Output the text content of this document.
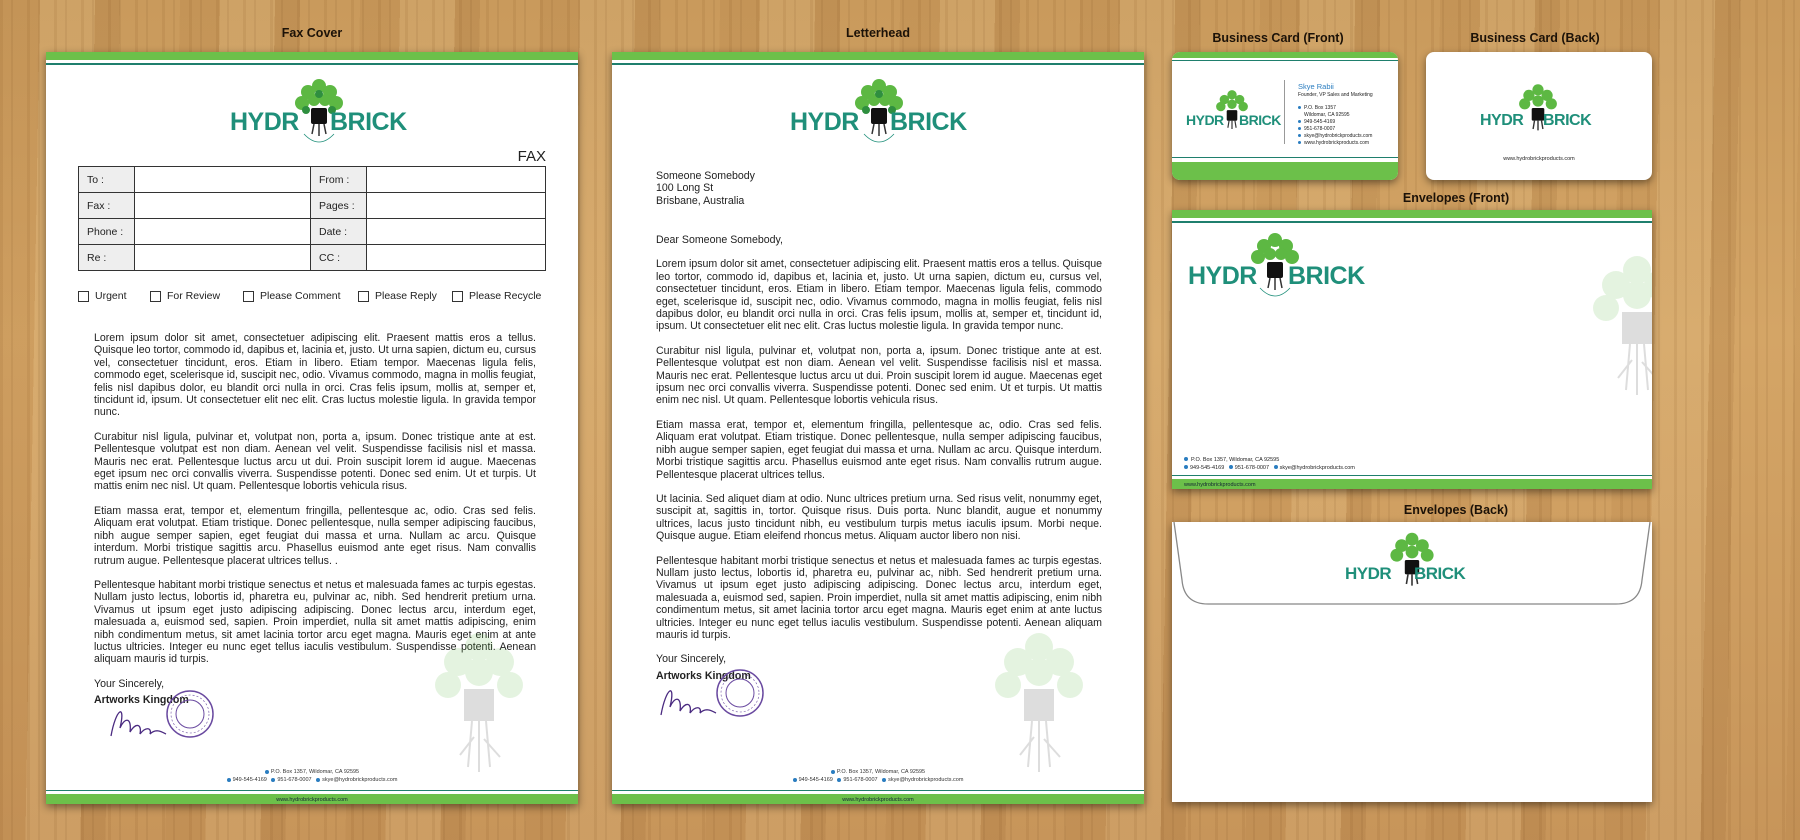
Fax Cover	Letterhead	Business Card (Front)	Business Card (Back)
Envelopes (Front)
Envelopes (Back)
HYDR BRICK
FAX
To :		From :	
Fax :		Pages :	
Phone :		Date :	
Re :		CC :	
Urgent	For Review	Please Comment	Please Reply	Please Recycle

Lorem ipsum dolor sit amet, consectetuer adipiscing elit. Praesent mattis eros a tellus. Quisque leo tortor, commodo id, dapibus et, lacinia et, justo. Ut urna sapien, dictum eu, cursus vel, consectetuer tincidunt, eros. Etiam in libero. Etiam tempor. Maecenas ligula felis, commodo eget, scelerisque id, suscipit nec, odio. Vivamus commodo, magna in mollis feugiat, felis nisl dapibus dolor, eu blandit orci nulla in orci. Cras felis ipsum, mollis at, semper et, tincidunt id, ipsum. Ut consectetuer elit nec elit. Cras luctus molestie ligula. In gravida tempor nunc.

Curabitur nisl ligula, pulvinar et, volutpat non, porta a, ipsum. Donec tristique ante at est. Pellentesque volutpat est non diam. Aenean vel velit. Suspendisse facilisis nisl et massa. Mauris nec erat. Pellentesque luctus arcu ut dui. Proin suscipit lorem id augue. Maecenas eget ipsum nec orci convallis viverra. Suspendisse potenti. Donec sed enim. Ut et turpis. Ut mattis enim nec nisl. Ut quam. Pellentesque lobortis vehicula risus.

Etiam massa erat, tempor et, elementum fringilla, pellentesque ac, odio. Cras sed felis. Aliquam erat volutpat. Etiam tristique. Donec pellentesque, nulla semper adipiscing faucibus, nibh augue semper sapien, eget feugiat dui massa et urna. Nullam ac arcu. Quisque interdum. Morbi tristique sagittis arcu. Phasellus euismod ante eget risus. Nam convallis rutrum augue. Pellentesque placerat ultrices tellus. .

Pellentesque habitant morbi tristique senectus et netus et malesuada fames ac turpis egestas. Nullam justo lectus, lobortis id, pharetra eu, pulvinar ac, nibh. Sed hendrerit pretium urna. Vivamus ut ipsum eget justo adipiscing adipiscing. Donec lectus arcu, interdum eget, malesuada a, euismod sed, sapien. Proin imperdiet, nulla sit amet mattis adipiscing, enim nibh condimentum metus, sit amet lacinia tortor arcu eget magna. Mauris eget enim at ante luctus ultricies. Integer eu nunc eget tellus iaculis vestibulum. Suspendisse potenti. Aenean aliquam mauris id turpis.

Your Sincerely,
Artworks Kingdom
P.O. Box 1357, Wildomar, CA 92595
949-545-4169 951-678-0007 skye@hydrobrickproducts.com
www.hydrobrickproducts.com
HYDR BRICK
Someone Somebody
100 Long St
Brisbane, Australia

Dear Someone Somebody,

Lorem ipsum dolor sit amet, consectetuer adipiscing elit. Praesent mattis eros a tellus. Quisque leo tortor, commodo id, dapibus et, lacinia et, justo. Ut urna sapien, dictum eu, cursus vel, consectetuer tincidunt, eros. Etiam in libero. Etiam tempor. Maecenas ligula felis, commodo eget, scelerisque id, suscipit nec, odio. Vivamus commodo, magna in mollis feugiat, felis nisl dapibus dolor, eu blandit orci nulla in orci. Cras felis ipsum, mollis at, semper et, tincidunt id, ipsum. Ut consectetuer elit nec elit. Cras luctus molestie ligula. In gravida tempor nunc.

Curabitur nisl ligula, pulvinar et, volutpat non, porta a, ipsum. Donec tristique ante at est. Pellentesque volutpat est non diam. Aenean vel velit. Suspendisse facilisis nisl et massa. Mauris nec erat. Pellentesque luctus arcu ut dui. Proin suscipit lorem id augue. Maecenas eget ipsum nec orci convallis viverra. Suspendisse potenti. Donec sed enim. Ut et turpis. Ut mattis enim nec nisl. Ut quam. Pellentesque lobortis vehicula risus.

Etiam massa erat, tempor et, elementum fringilla, pellentesque ac, odio. Cras sed felis. Aliquam erat volutpat. Etiam tristique. Donec pellentesque, nulla semper adipiscing faucibus, nibh augue semper sapien, eget feugiat dui massa et urna. Nullam ac arcu. Quisque interdum. Morbi tristique sagittis arcu. Phasellus euismod ante eget risus. Nam convallis rutrum augue. Pellentesque placerat ultrices tellus.

Ut lacinia. Sed aliquet diam at odio. Nunc ultrices pretium urna. Sed risus velit, nonummy eget, suscipit at, sagittis in, tortor. Quisque risus. Duis porta. Nunc blandit, augue et nonummy ultrices, lacus justo tincidunt nibh, eu vestibulum turpis metus iaculis ipsum. Morbi neque. Quisque augue. Etiam eleifend rhoncus metus. Aliquam auctor libero non nisi.

Pellentesque habitant morbi tristique senectus et netus et malesuada fames ac turpis egestas. Nullam justo lectus, lobortis id, pharetra eu, pulvinar ac, nibh. Sed hendrerit pretium urna. Vivamus ut ipsum eget justo adipiscing adipiscing. Donec lectus arcu, interdum eget, malesuada a, euismod sed, sapien. Proin imperdiet, nulla sit amet mattis adipiscing, enim nibh condimentum metus, sit amet lacinia tortor arcu eget magna. Mauris eget enim at ante luctus ultricies. Integer eu nunc eget tellus iaculis vestibulum. Suspendisse potenti. Aenean aliquam mauris id turpis.

Your Sincerely,
Artworks Kingdom
P.O. Box 1357, Wildomar, CA 92595
949-545-4169 951-678-0007 skye@hydrobrickproducts.com
www.hydrobrickproducts.com
HYDR BRICK
Skye Rabii
Founder, VP Sales and Marketing
P.O. Box 1357
Wildomar, CA 92595
949-545-4169
951-678-0007
skye@hydrobrickproducts.com
www.hydrobrickproducts.com
HYDR BRICK
www.hydrobrickproducts.com
HYDR BRICK
P.O. Box 1357, Wildomar, CA 92595
949-545-4169 951-678-0007 skye@hydrobrickproducts.com
www.hydrobrickproducts.com
HYDR BRICK
